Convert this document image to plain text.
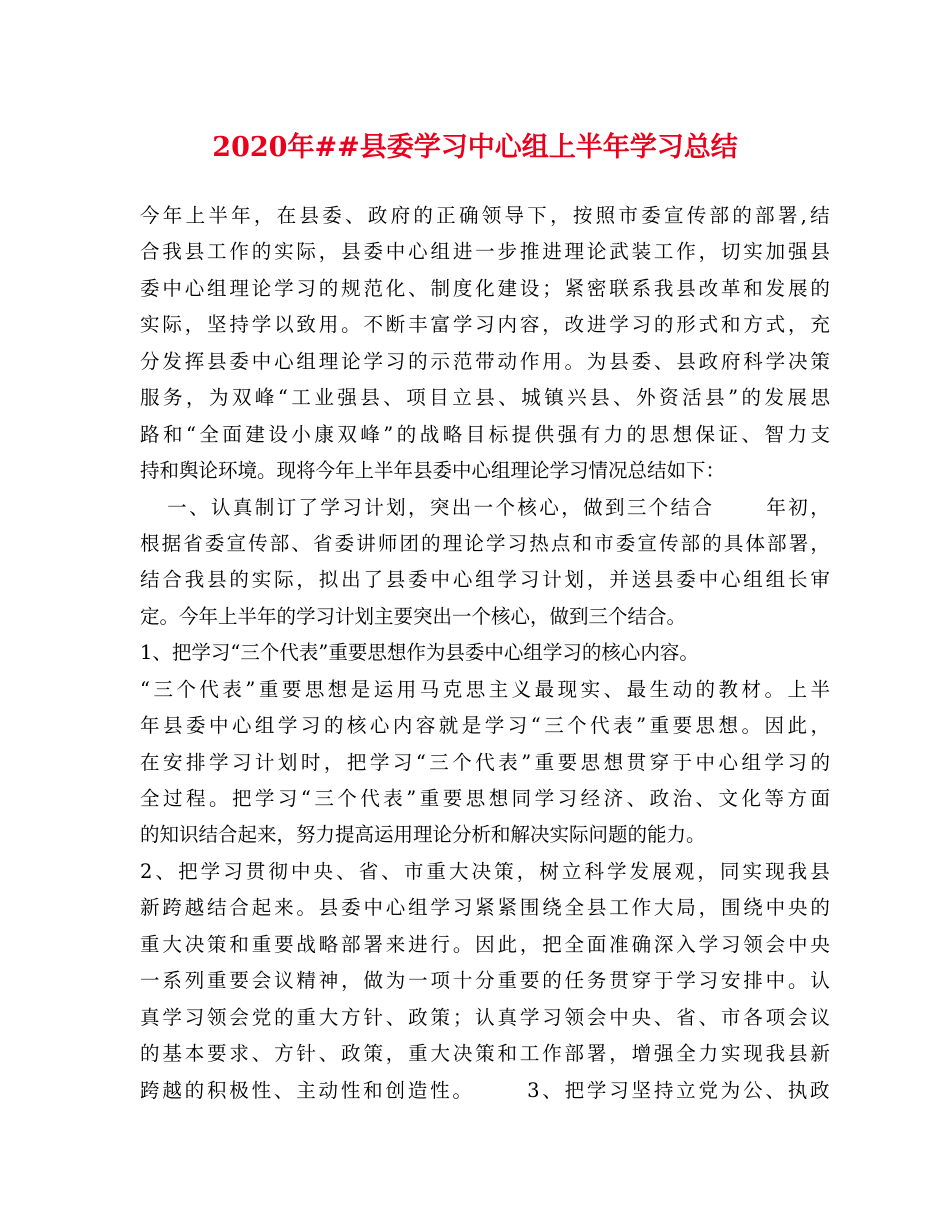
2020年##县委学习中心组上半年学习总结
今 年 上 半 年 ， 在 县 委 、 政 府 的 正 确 领 导 下 ， 按 照 市 委 宣 传 部 的 部 署 , 结
合 我 县 工 作 的 实 际 ， 县 委 中 心 组 进 一 步 推 进 理 论 武 装 工 作 ， 切 实 加 强 县
委 中 心 组 理 论 学 习 的 规 范 化 、 制 度 化 建 设 ； 紧 密 联 系 我 县 改 革 和 发 展 的
实 际 ， 坚 持 学 以 致 用 。 不 断 丰 富 学 习 内 容 ， 改 进 学 习 的 形 式 和 方 式 ， 充
分 发 挥 县 委 中 心 组 理 论 学 习 的 示 范 带 动 作 用 。 为 县 委 、 县 政 府 科 学 决 策
服 务 ， 为 双 峰 “ 工 业 强 县 、 项 目 立 县 、 城 镇 兴 县 、 外 资 活 县 ” 的 发 展 思
路 和 “ 全 面 建 设 小 康 双 峰 ” 的 战 略 目 标 提 供 强 有 力 的 思 想 保 证 、 智 力 支
持和舆论环境。现将今年上半年县委中心组理论学习情况总结如下：

一 、 认 真 制 订 了 学 习 计 划 ， 突 出 一 个 核 心 ， 做 到 三 个 结 合
	年 初 ，
根 据 省 委 宣 传 部 、 省 委 讲 师 团 的 理 论 学 习 热 点 和 市 委 宣 传 部 的 具 体 部 署 ，
结 合 我 县 的 实 际 ， 拟 出 了 县 委 中 心 组 学 习 计 划 ， 并 送 县 委 中 心 组 组 长 审
定。今年上半年的学习计划主要突出一个核心，做到三个结合。
1、把学习“三个代表”重要思想作为县委中心组学习的核心内容。
“ 三 个 代 表 ” 重 要 思 想 是 运 用 马 克 思 主 义 最 现 实 、 最 生 动 的 教 材 。 上 半
年 县 委 中 心 组 学 习 的 核 心 内 容 就 是 学 习 “ 三 个 代 表 ” 重 要 思 想 。 因 此 ，
在 安 排 学 习 计 划 时 ， 把 学 习 “ 三 个 代 表 ” 重 要 思 想 贯 穿 于 中 心 组 学 习 的
全 过 程 。 把 学 习 “ 三 个 代 表 ” 重 要 思 想 同 学 习 经 济 、 政 治 、 文 化 等 方 面
的知识结合起来，努力提高运用理论分析和解决实际问题的能力。
2 、 把 学 习 贯 彻 中 央 、 省 、 市 重 大 决 策 ， 树 立 科 学 发 展 观 ， 同 实 现 我 县
新 跨 越 结 合 起 来 。 县 委 中 心 组 学 习 紧 紧 围 绕 全 县 工 作 大 局 ， 围 绕 中 央 的
重 大 决 策 和 重 要 战 略 部 署 来 进 行 。 因 此 ， 把 全 面 准 确 深 入 学 习 领 会 中 央
一 系 列 重 要 会 议 精 神 ， 做 为 一 项 十 分 重 要 的 任 务 贯 穿 于 学 习 安 排 中 。 认
真 学 习 领 会 党 的 重 大 方 针 、 政 策 ； 认 真 学 习 领 会 中 央 、 省 、 市 各 项 会 议
的 基 本 要 求 、 方 针 、 政 策 ， 重 大 决 策 和 工 作 部 署 ， 增 强 全 力 实 现 我 县 新
跨 越 的 积 极 性 、 主 动 性 和 创 造 性 。
	3 、 把 学 习 坚 持 立 党 为 公 、 执 政
